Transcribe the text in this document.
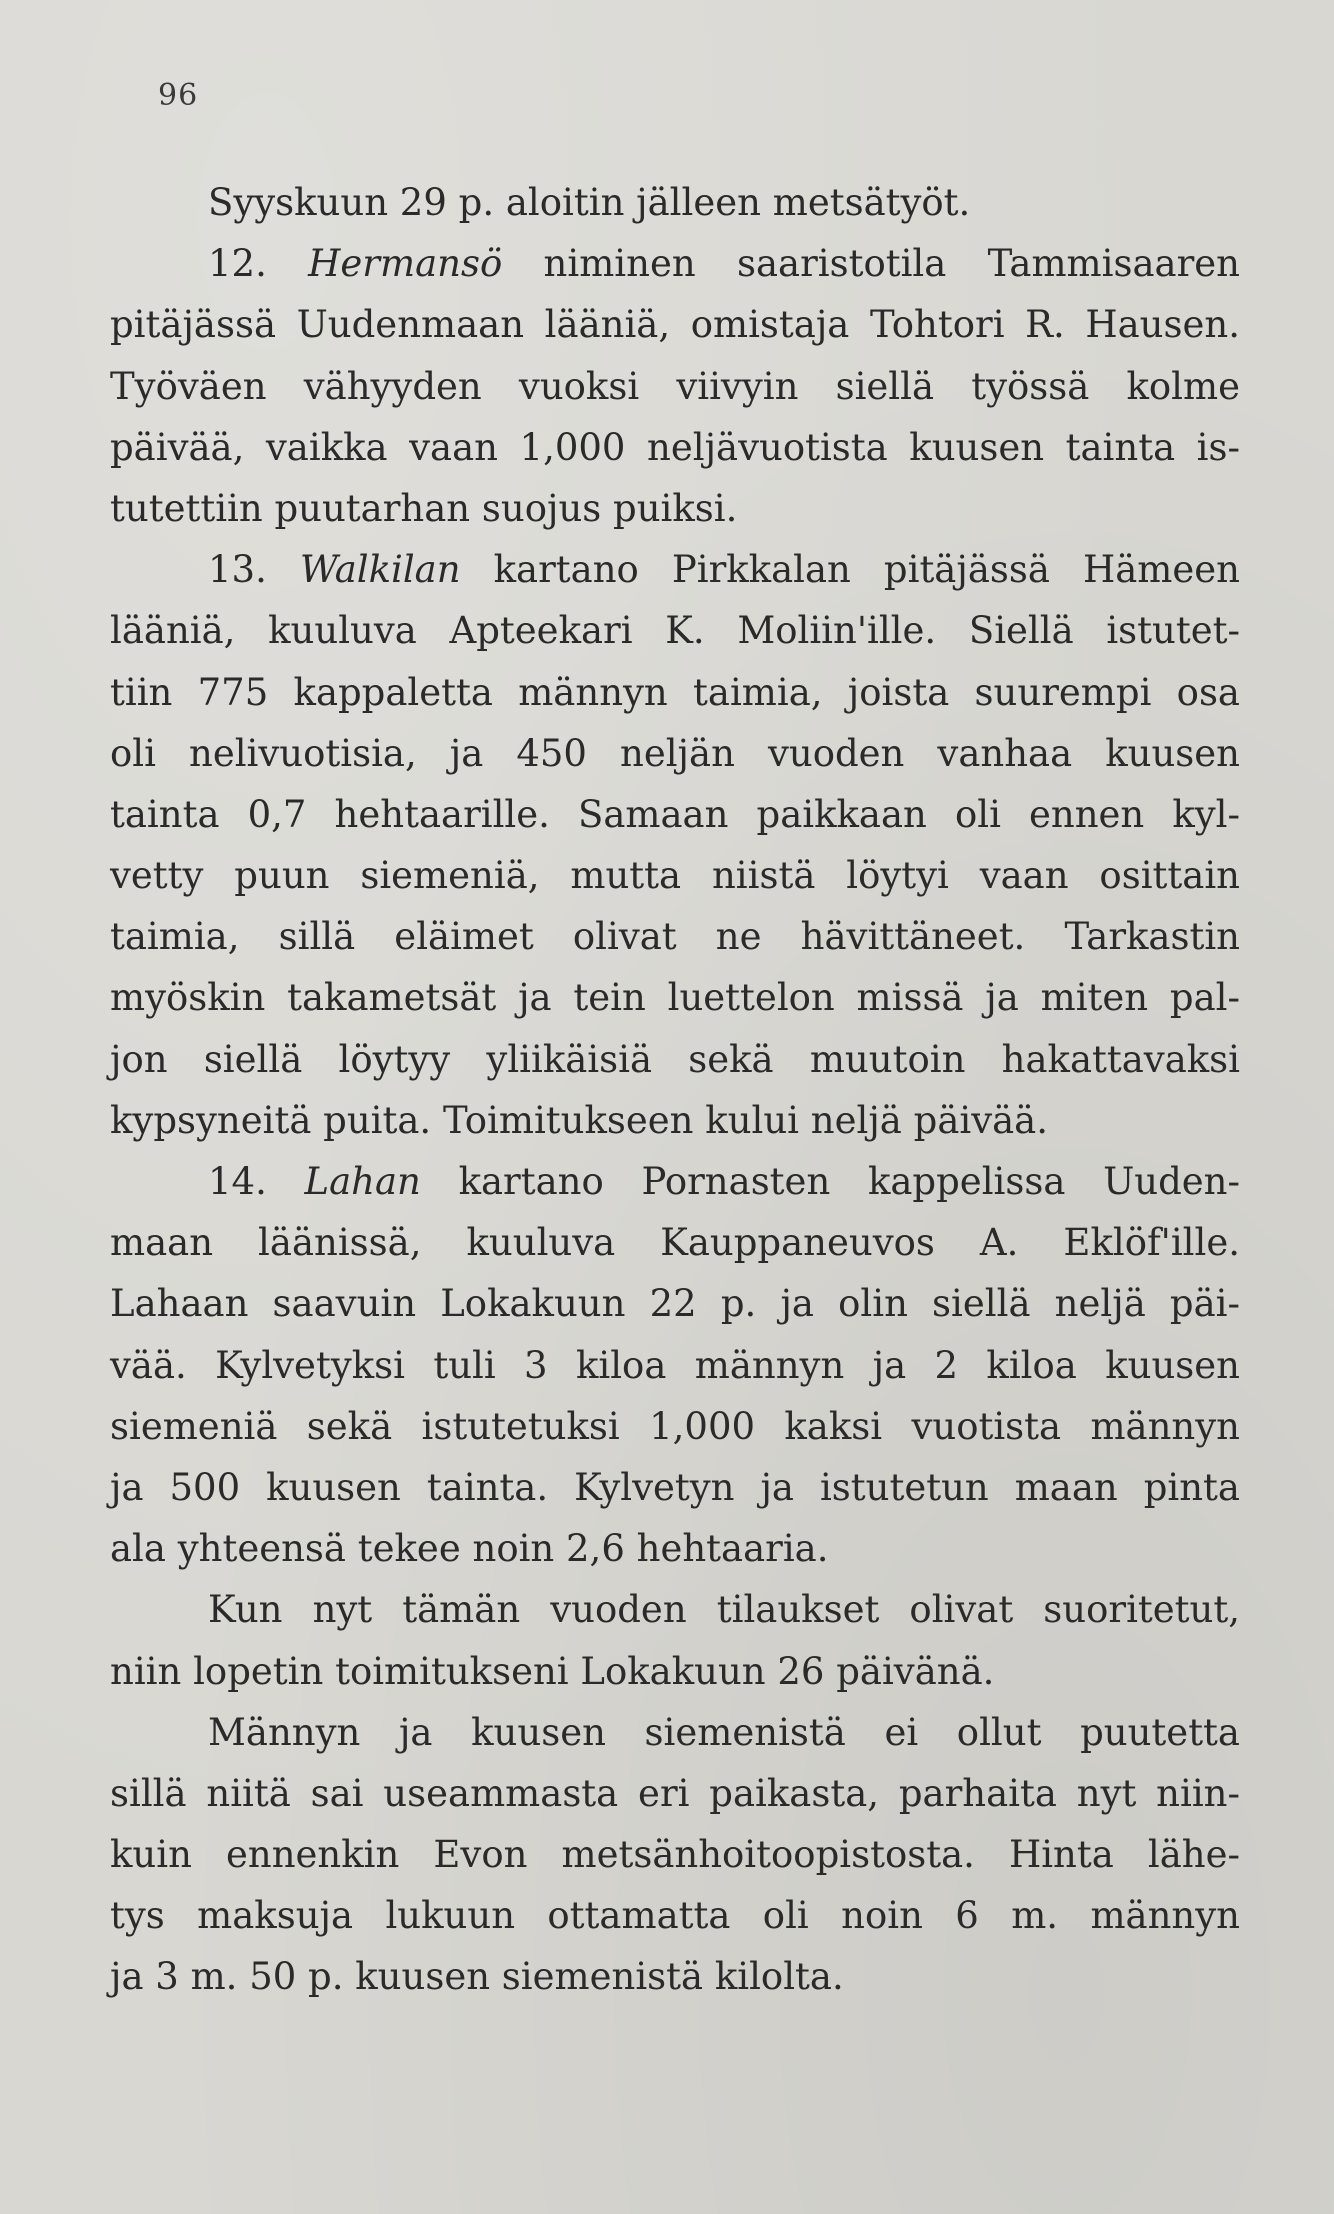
96
Syyskuun 29 p. aloitin jälleen metsätyöt.
12. Hermansö niminen saaristotila Tammisaaren
pitäjässä Uudenmaan lääniä, omistaja Tohtori R. Hausen.
Työväen vähyyden vuoksi viivyin siellä työssä kolme
päivää, vaikka vaan 1,000 neljävuotista kuusen tainta is-
tutettiin puutarhan suojus puiksi.
13. Walkilan kartano Pirkkalan pitäjässä Hämeen
lääniä, kuuluva Apteekari K. Moliin'ille. Siellä istutet-
tiin 775 kappaletta männyn taimia, joista suurempi osa
oli nelivuotisia, ja 450 neljän vuoden vanhaa kuusen
tainta 0,7 hehtaarille. Samaan paikkaan oli ennen kyl-
vetty puun siemeniä, mutta niistä löytyi vaan osittain
taimia, sillä eläimet olivat ne hävittäneet. Tarkastin
myöskin takametsät ja tein luettelon missä ja miten pal-
jon siellä löytyy yliikäisiä sekä muutoin hakattavaksi
kypsyneitä puita. Toimitukseen kului neljä päivää.
14. Lahan kartano Pornasten kappelissa Uuden-
maan läänissä, kuuluva Kauppaneuvos A. Eklöf'ille.
Lahaan saavuin Lokakuun 22 p. ja olin siellä neljä päi-
vää. Kylvetyksi tuli 3 kiloa männyn ja 2 kiloa kuusen
siemeniä sekä istutetuksi 1,000 kaksi vuotista männyn
ja 500 kuusen tainta. Kylvetyn ja istutetun maan pinta
ala yhteensä tekee noin 2,6 hehtaaria.
Kun nyt tämän vuoden tilaukset olivat suoritetut,
niin lopetin toimitukseni Lokakuun 26 päivänä.
Männyn ja kuusen siemenistä ei ollut puutetta
sillä niitä sai useammasta eri paikasta, parhaita nyt niin-
kuin ennenkin Evon metsänhoitoopistosta. Hinta lähe-
tys maksuja lukuun ottamatta oli noin 6 m. männyn
ja 3 m. 50 p. kuusen siemenistä kilolta.
